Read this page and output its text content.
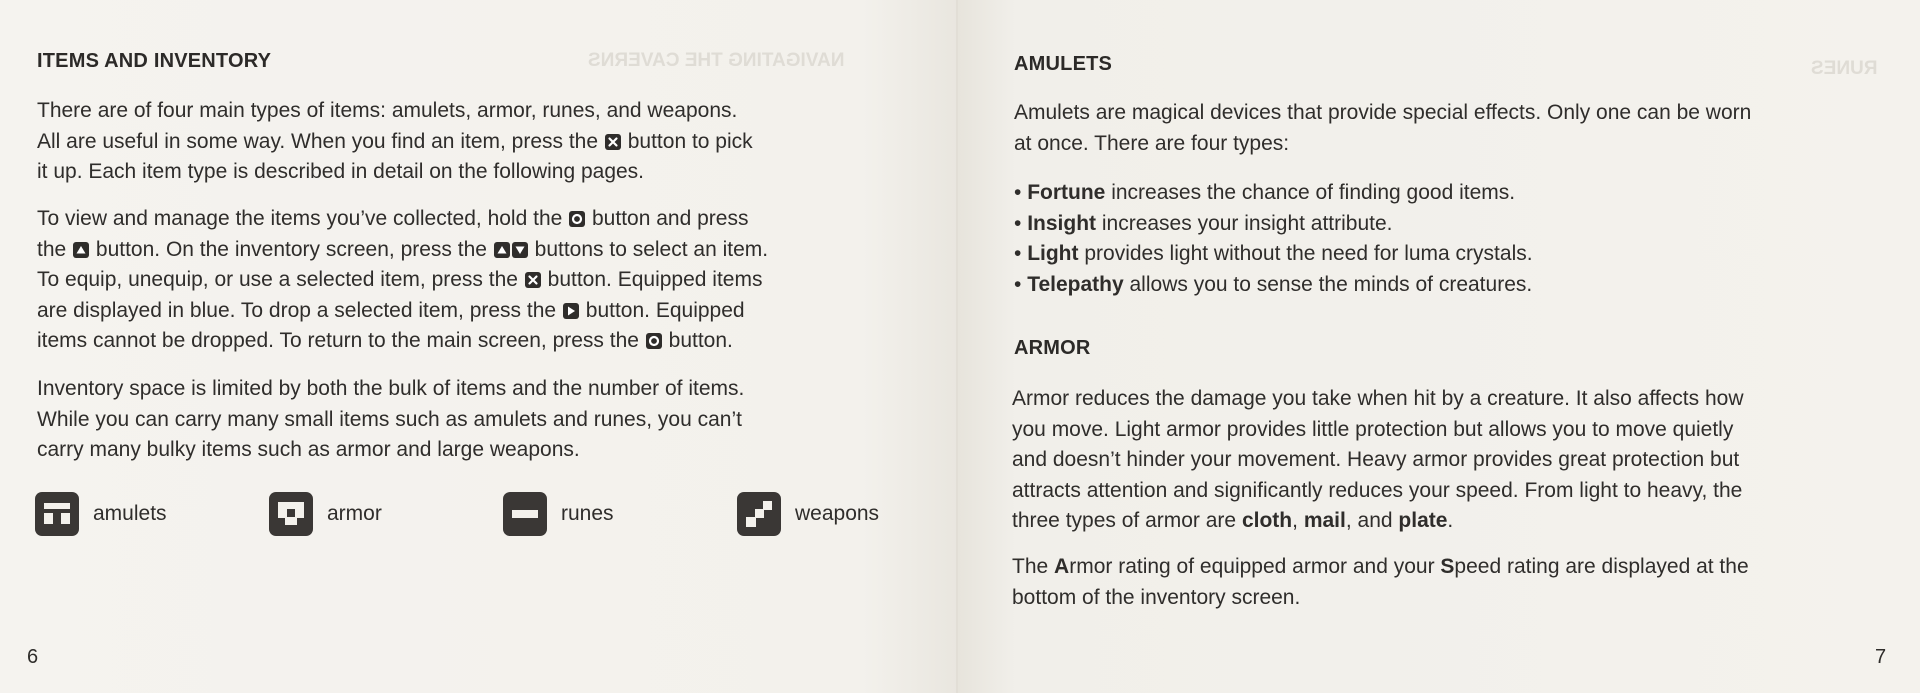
NAVIGATING THE CAVERNS
ITEMS AND INVENTORY

There are of four main types of items: amulets, armor, runes, and weapons.

All are useful in some way. When you find an item, press the button to pick

it up. Each item type is described in detail on the following pages.

To view and manage the items you’ve collected, hold the button and press

the button. On the inventory screen, press the buttons to select an item.

To equip, unequip, or use a selected item, press the button. Equipped items

are displayed in blue. To drop a selected item, press the button. Equipped

items cannot be dropped. To return to the main screen, press the button.

Inventory space is limited by both the bulk of items and the number of items.

While you can carry many small items such as amulets and runes, you can’t

carry many bulky items such as armor and large weapons.

amulets	armor	runes	weapons
6
RUNES
AMULETS

Amulets are magical devices that provide special effects. Only one can be worn

at once. There are four types:

• Fortune increases the chance of finding good items.
• Insight increases your insight attribute.
• Light provides light without the need for luma crystals.
• Telepathy allows you to sense the minds of creatures.
ARMOR

Armor reduces the damage you take when hit by a creature. It also affects how

you move. Light armor provides little protection but allows you to move quietly

and doesn’t hinder your movement. Heavy armor provides great protection but

attracts attention and significantly reduces your speed. From light to heavy, the

three types of armor are cloth, mail, and plate.

The Armor rating of equipped armor and your Speed rating are displayed at the

bottom of the inventory screen.

7
